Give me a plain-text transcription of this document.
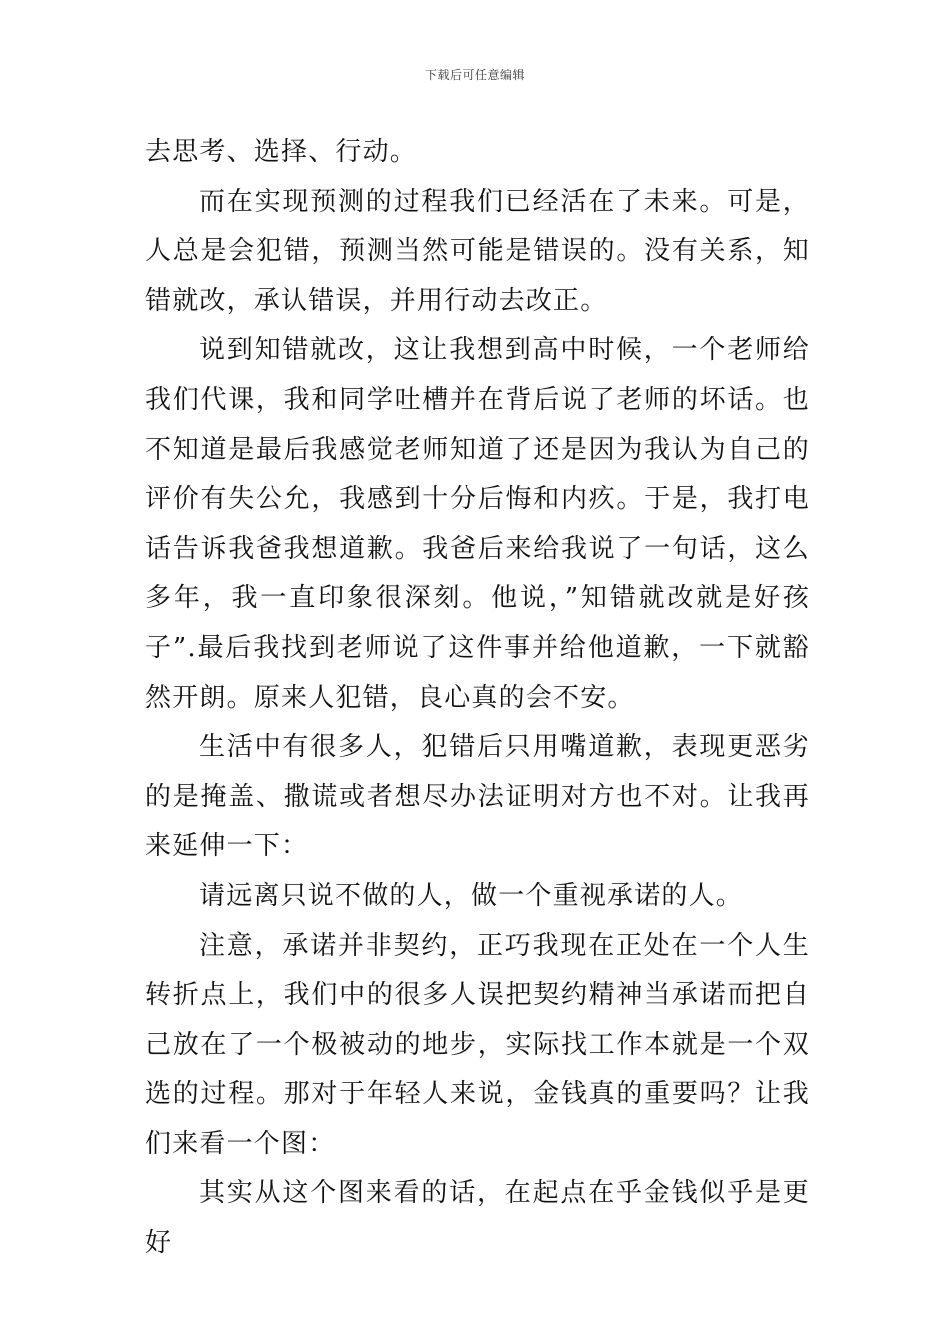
下载后可任意编辑

去思考、选择、行动。

而在实现预测的过程我们已经活在了未来。可是，人总是会犯错，预测当然可能是错误的。没有关系，知错就改，承认错误，并用行动去改正。

说到知错就改，这让我想到高中时候，一个老师给我们代课，我和同学吐槽并在背后说了老师的坏话。也不知道是最后我感觉老师知道了还是因为我认为自己的评价有失公允，我感到十分后悔和内疚。于是，我打电话告诉我爸我想道歉。我爸后来给我说了一句话，这么多年，我一直印象很深刻。他说，”知错就改就是好孩子”.最后我找到老师说了这件事并给他道歉，一下就豁然开朗。原来人犯错，良心真的会不安。

生活中有很多人，犯错后只用嘴道歉，表现更恶劣的是掩盖、撒谎或者想尽办法证明对方也不对。让我再来延伸一下：

请远离只说不做的人，做一个重视承诺的人。

注意，承诺并非契约，正巧我现在正处在一个人生转折点上，我们中的很多人误把契约精神当承诺而把自己放在了一个极被动的地步，实际找工作本就是一个双选的过程。那对于年轻人来说，金钱真的重要吗？让我们来看一个图：

其实从这个图来看的话，在起点在乎金钱似乎是更好
